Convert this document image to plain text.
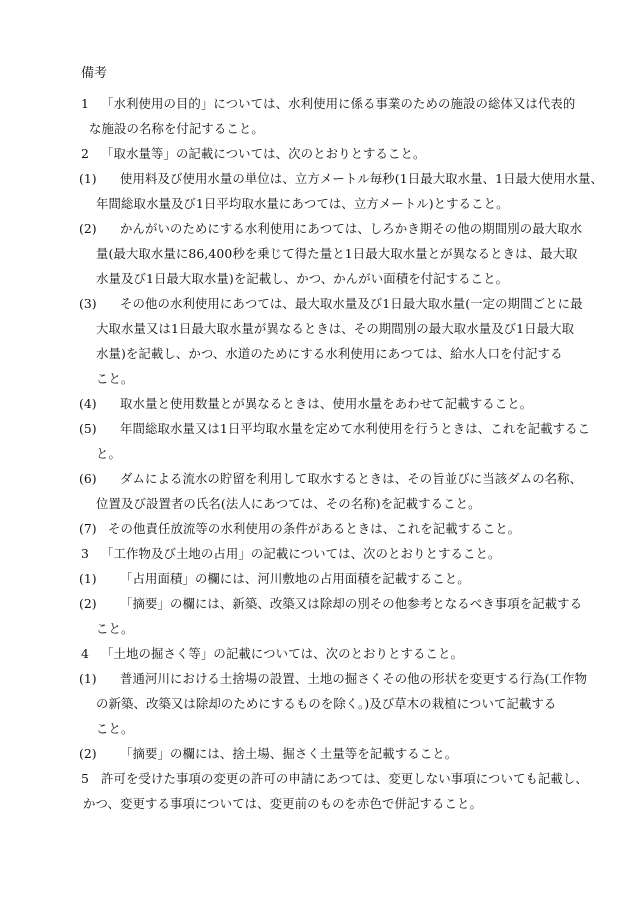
備考
1 「水利使用の目的」については、水利使用に係る事業のための施設の総体又は代表的
な施設の名称を付記すること。
2 「取水量等」の記載については、次のとおりとすること。
(1) 使用料及び使用水量の単位は、立方メートル毎秒(1日最大取水量、1日最大使用水量、
年間総取水量及び1日平均取水量にあつては、立方メートル)とすること。
(2) かんがいのためにする水利使用にあつては、しろかき期その他の期間別の最大取水
量(最大取水量に86,400秒を乗じて得た量と1日最大取水量とが異なるときは、最大取
水量及び1日最大取水量)を記載し、かつ、かんがい面積を付記すること。
(3) その他の水利使用にあつては、最大取水量及び1日最大取水量(一定の期間ごとに最
大取水量又は1日最大取水量が異なるときは、その期間別の最大取水量及び1日最大取
水量)を記載し、かつ、水道のためにする水利使用にあつては、給水人口を付記する
こと。
(4) 取水量と使用数量とが異なるときは、使用水量をあわせて記載すること。
(5) 年間総取水量又は1日平均取水量を定めて水利使用を行うときは、これを記載するこ
と。
(6) ダムによる流水の貯留を利用して取水するときは、その旨並びに当該ダムの名称、
位置及び設置者の氏名(法人にあつては、その名称)を記載すること。
(7) その他責任放流等の水利使用の条件があるときは、これを記載すること。
3 「工作物及び土地の占用」の記載については、次のとおりとすること。
(1) 「占用面積」の欄には、河川敷地の占用面積を記載すること。
(2) 「摘要」の欄には、新築、改築又は除却の別その他参考となるべき事項を記載する
こと。
4 「土地の掘さく等」の記載については、次のとおりとすること。
(1) 普通河川における土捨場の設置、土地の掘さくその他の形状を変更する行為(工作物
の新築、改築又は除却のためにするものを除く。)及び草木の栽植について記載する
こと。
(2) 「摘要」の欄には、捨土場、掘さく土量等を記載すること。
5 許可を受けた事項の変更の許可の申請にあつては、変更しない事項についても記載し、
かつ、変更する事項については、変更前のものを赤色で併記すること。
